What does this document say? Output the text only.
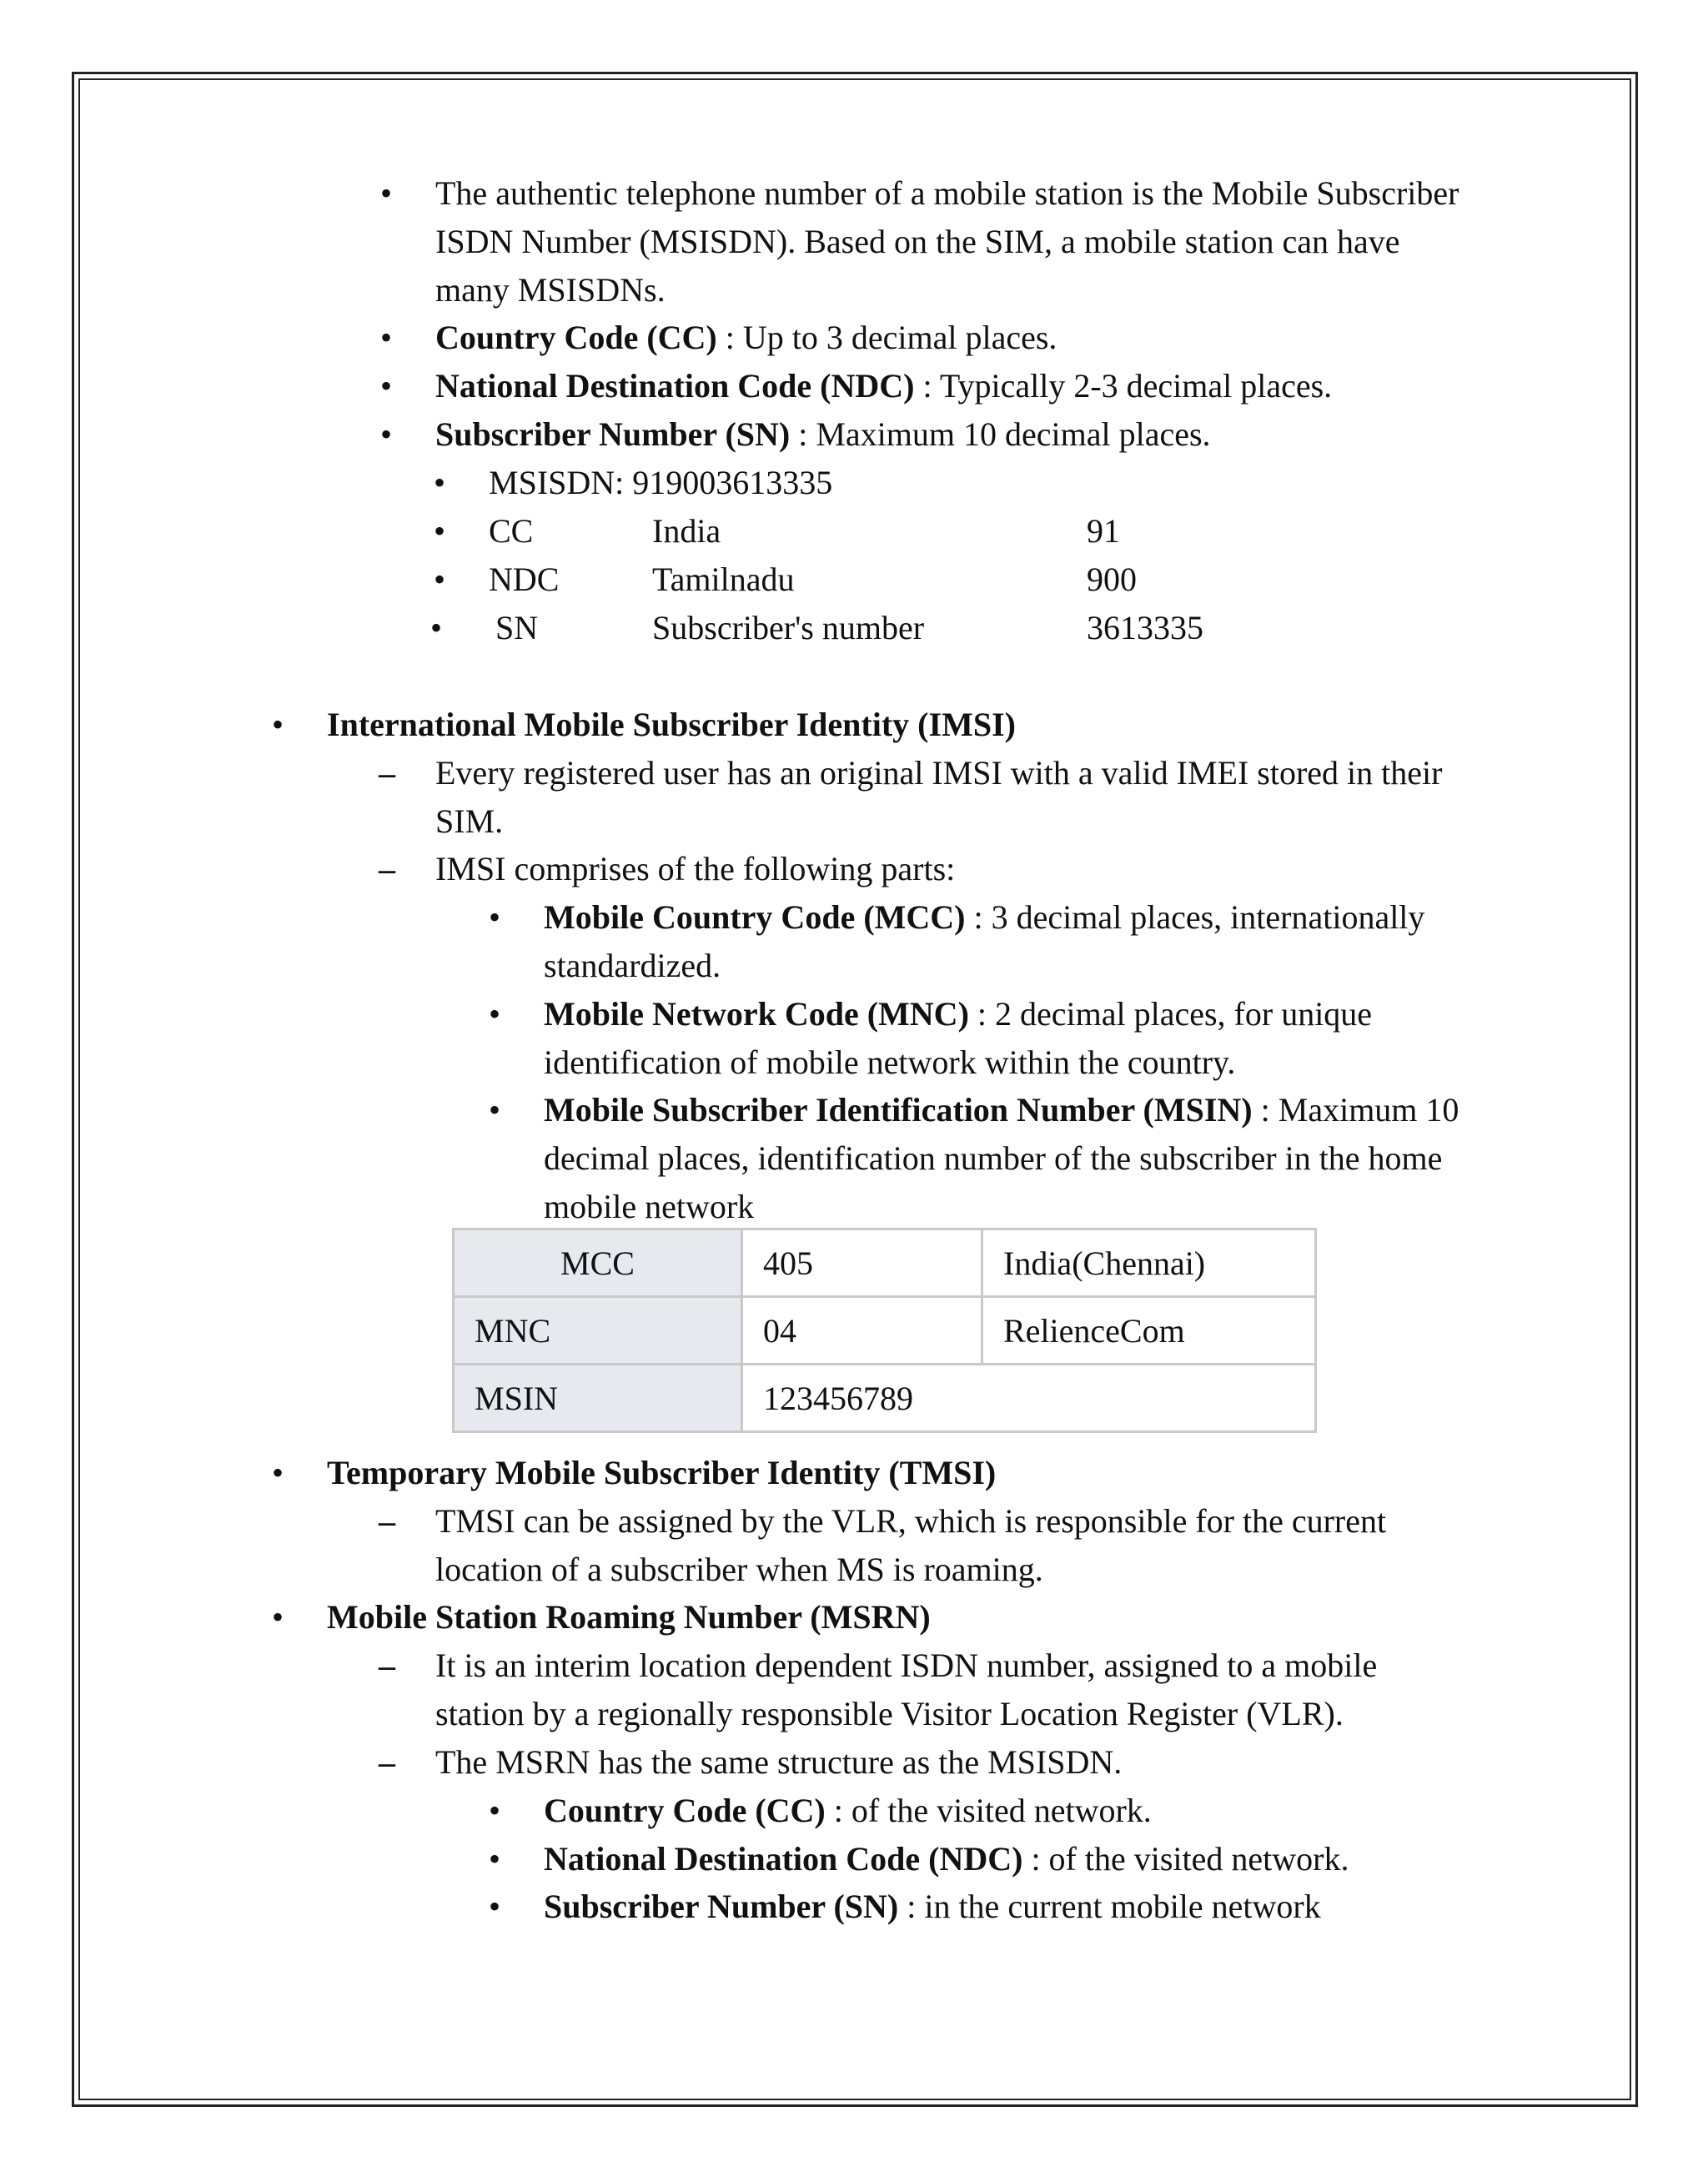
• The authentic telephone number of a mobile station is the Mobile Subscriber
ISDN Number (MSISDN). Based on the SIM, a mobile station can have
many MSISDNs.
• Country Code (CC) : Up to 3 decimal places.
• National Destination Code (NDC) : Typically 2-3 decimal places.
• Subscriber Number (SN) : Maximum 10 decimal places.
• MSISDN: 919003613335
• CC	India	91
• NDC	Tamilnadu	900
• SN	Subscriber's number	3613335
• International Mobile Subscriber Identity (IMSI)
– Every registered user has an original IMSI with a valid IMEI stored in their
SIM.
– IMSI comprises of the following parts:
• Mobile Country Code (MCC) : 3 decimal places, internationally
standardized.
• Mobile Network Code (MNC) : 2 decimal places, for unique
identification of mobile network within the country.
• Mobile Subscriber Identification Number (MSIN) : Maximum 10
decimal places, identification number of the subscriber in the home
mobile network
MCC	405	India(Chennai)
MNC	04	RelienceCom
MSIN	123456789	
• Temporary Mobile Subscriber Identity (TMSI)
– TMSI can be assigned by the VLR, which is responsible for the current
location of a subscriber when MS is roaming.
• Mobile Station Roaming Number (MSRN)
– It is an interim location dependent ISDN number, assigned to a mobile
station by a regionally responsible Visitor Location Register (VLR).
– The MSRN has the same structure as the MSISDN.
• Country Code (CC) : of the visited network.
• National Destination Code (NDC) : of the visited network.
• Subscriber Number (SN) : in the current mobile network
